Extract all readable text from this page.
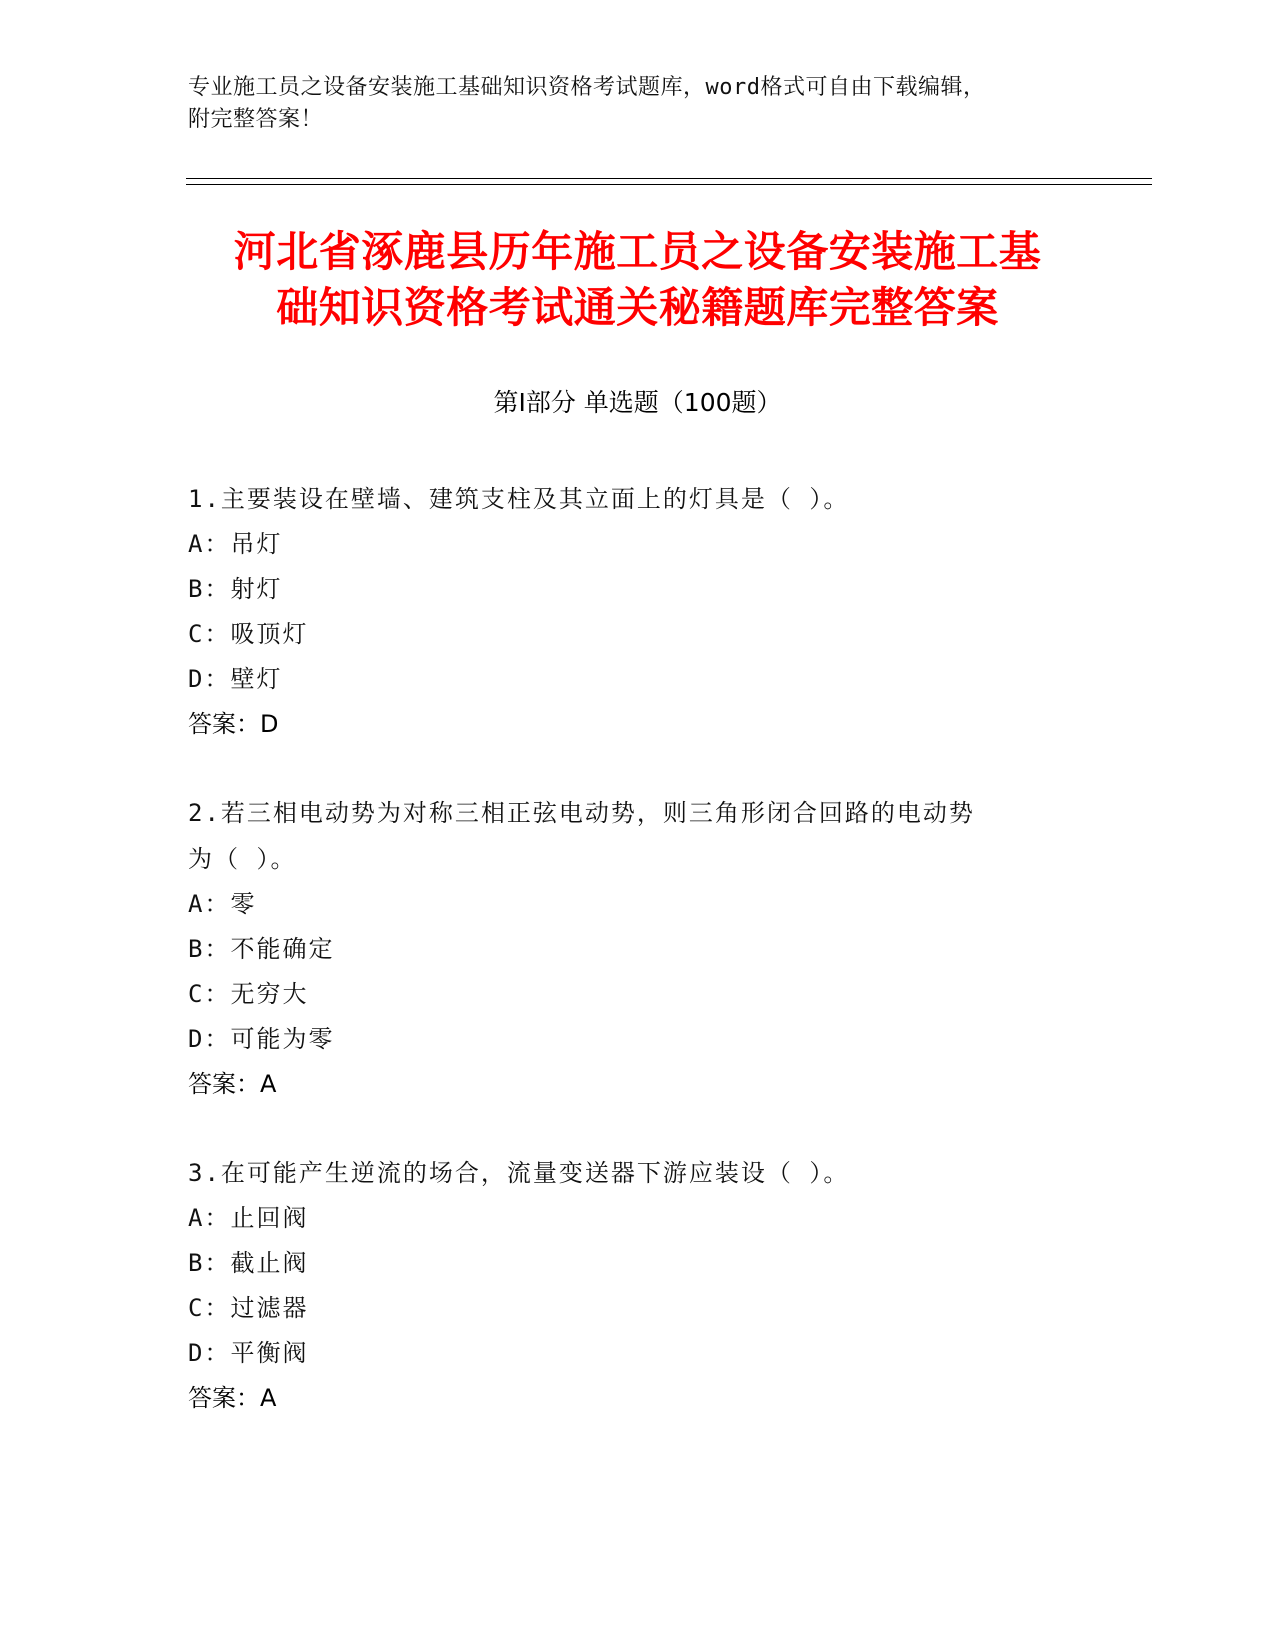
专业施工员之设备安装施工基础知识资格考试题库，word格式可自由下载编辑，
附完整答案！
河北省涿鹿县历年施工员之设备安装施工基
础知识资格考试通关秘籍题库完整答案
第Ⅰ部分 单选题（100题）
1.主要装设在壁墙、建筑支柱及其立面上的灯具是（ ）。
A：吊灯
B：射灯
C：吸顶灯
D：壁灯
答案：D
2.若三相电动势为对称三相正弦电动势，则三角形闭合回路的电动势
为（ ）。
A：零
B：不能确定
C：无穷大
D：可能为零
答案：A
3.在可能产生逆流的场合，流量变送器下游应装设（ ）。
A：止回阀
B：截止阀
C：过滤器
D：平衡阀
答案：A
